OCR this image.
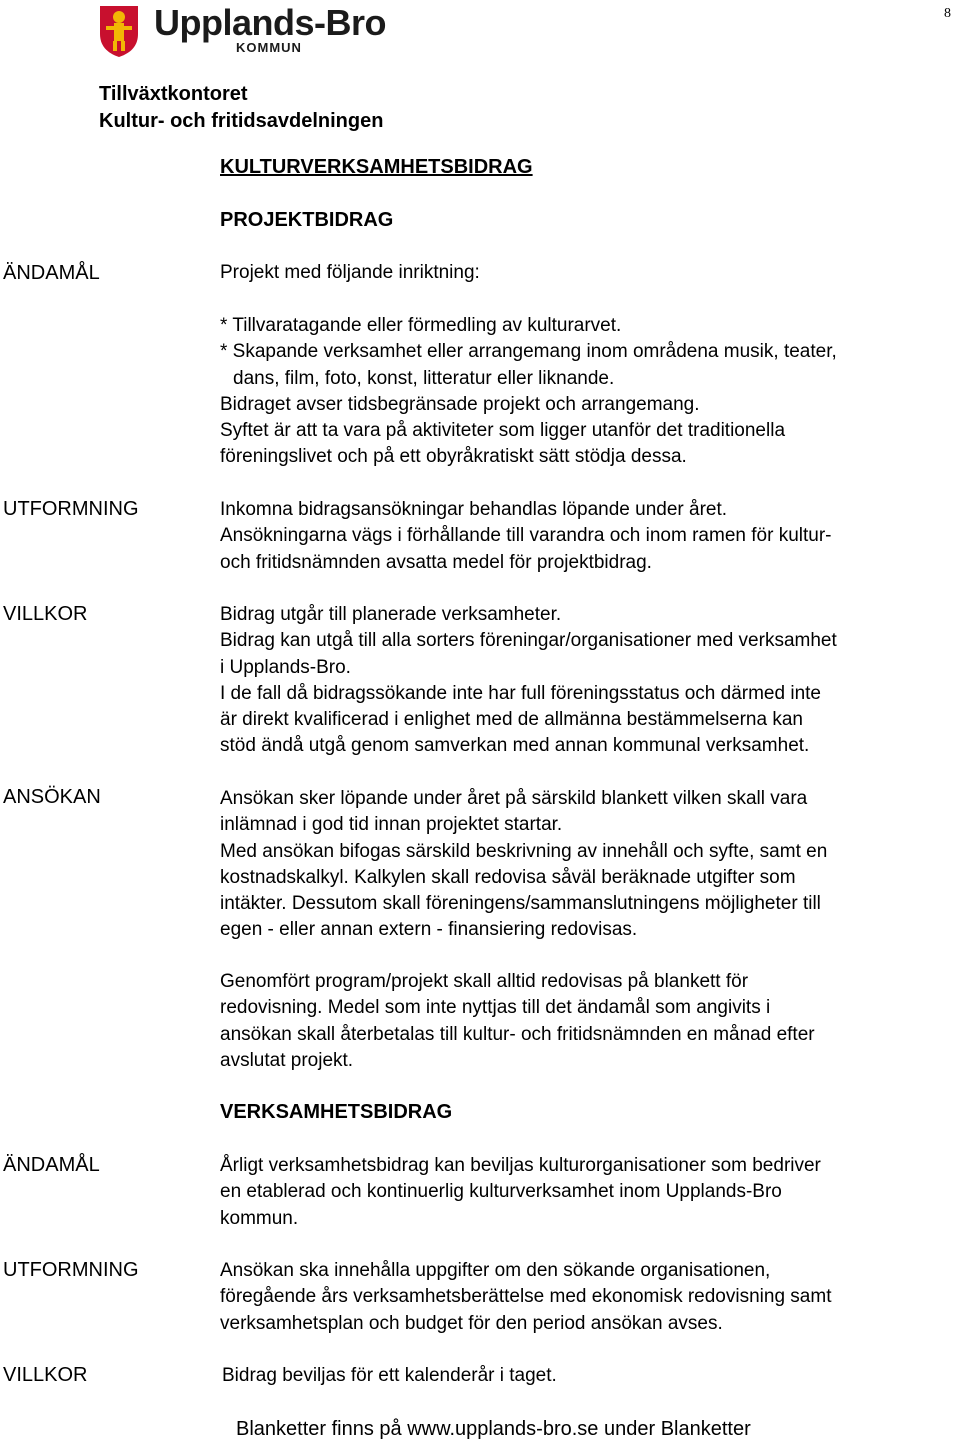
8
Upplands-Bro
KOMMUN
Tillväxtkontoret
Kultur- och fritidsavdelningen
KULTURVERKSAMHETSBIDRAG
PROJEKTBIDRAG
ÄNDAMÅL	Projekt med följande inriktning:
* Tillvaratagande eller förmedling av kulturarvet.
* Skapande verksamhet eller arrangemang inom områdena musik, teater,
dans, film, foto, konst, litteratur eller liknande.
Bidraget avser tidsbegränsade projekt och arrangemang.
Syftet är att ta vara på aktiviteter som ligger utanför det traditionella
föreningslivet och på ett obyråkratiskt sätt stödja dessa.
UTFORMNING	Inkomna bidragsansökningar behandlas löpande under året.
Ansökningarna vägs i förhållande till varandra och inom ramen för kultur-
och fritidsnämnden avsatta medel för projektbidrag.
VILLKOR	Bidrag utgår till planerade verksamheter.
Bidrag kan utgå till alla sorters föreningar/organisationer med verksamhet
i Upplands-Bro.
I de fall då bidragssökande inte har full föreningsstatus och därmed inte
är direkt kvalificerad i enlighet med de allmänna bestämmelserna kan
stöd ändå utgå genom samverkan med annan kommunal verksamhet.
ANSÖKAN	Ansökan sker löpande under året på särskild blankett vilken skall vara
inlämnad i god tid innan projektet startar.
Med ansökan bifogas särskild beskrivning av innehåll och syfte, samt en
kostnadskalkyl. Kalkylen skall redovisa såväl beräknade utgifter som
intäkter. Dessutom skall föreningens/sammanslutningens möjligheter till
egen - eller annan extern - finansiering redovisas.
Genomfört program/projekt skall alltid redovisas på blankett för
redovisning. Medel som inte nyttjas till det ändamål som angivits i
ansökan skall återbetalas till kultur- och fritidsnämnden en månad efter
avslutat projekt.
VERKSAMHETSBIDRAG
ÄNDAMÅL	Årligt verksamhetsbidrag kan beviljas kulturorganisationer som bedriver
en etablerad och kontinuerlig kulturverksamhet inom Upplands-Bro
kommun.
UTFORMNING	Ansökan ska innehålla uppgifter om den sökande organisationen,
föregående års verksamhetsberättelse med ekonomisk redovisning samt
verksamhetsplan och budget för den period ansökan avses.
VILLKOR	Bidrag beviljas för ett kalenderår i taget.
Blanketter finns på www.upplands-bro.se under Blanketter
